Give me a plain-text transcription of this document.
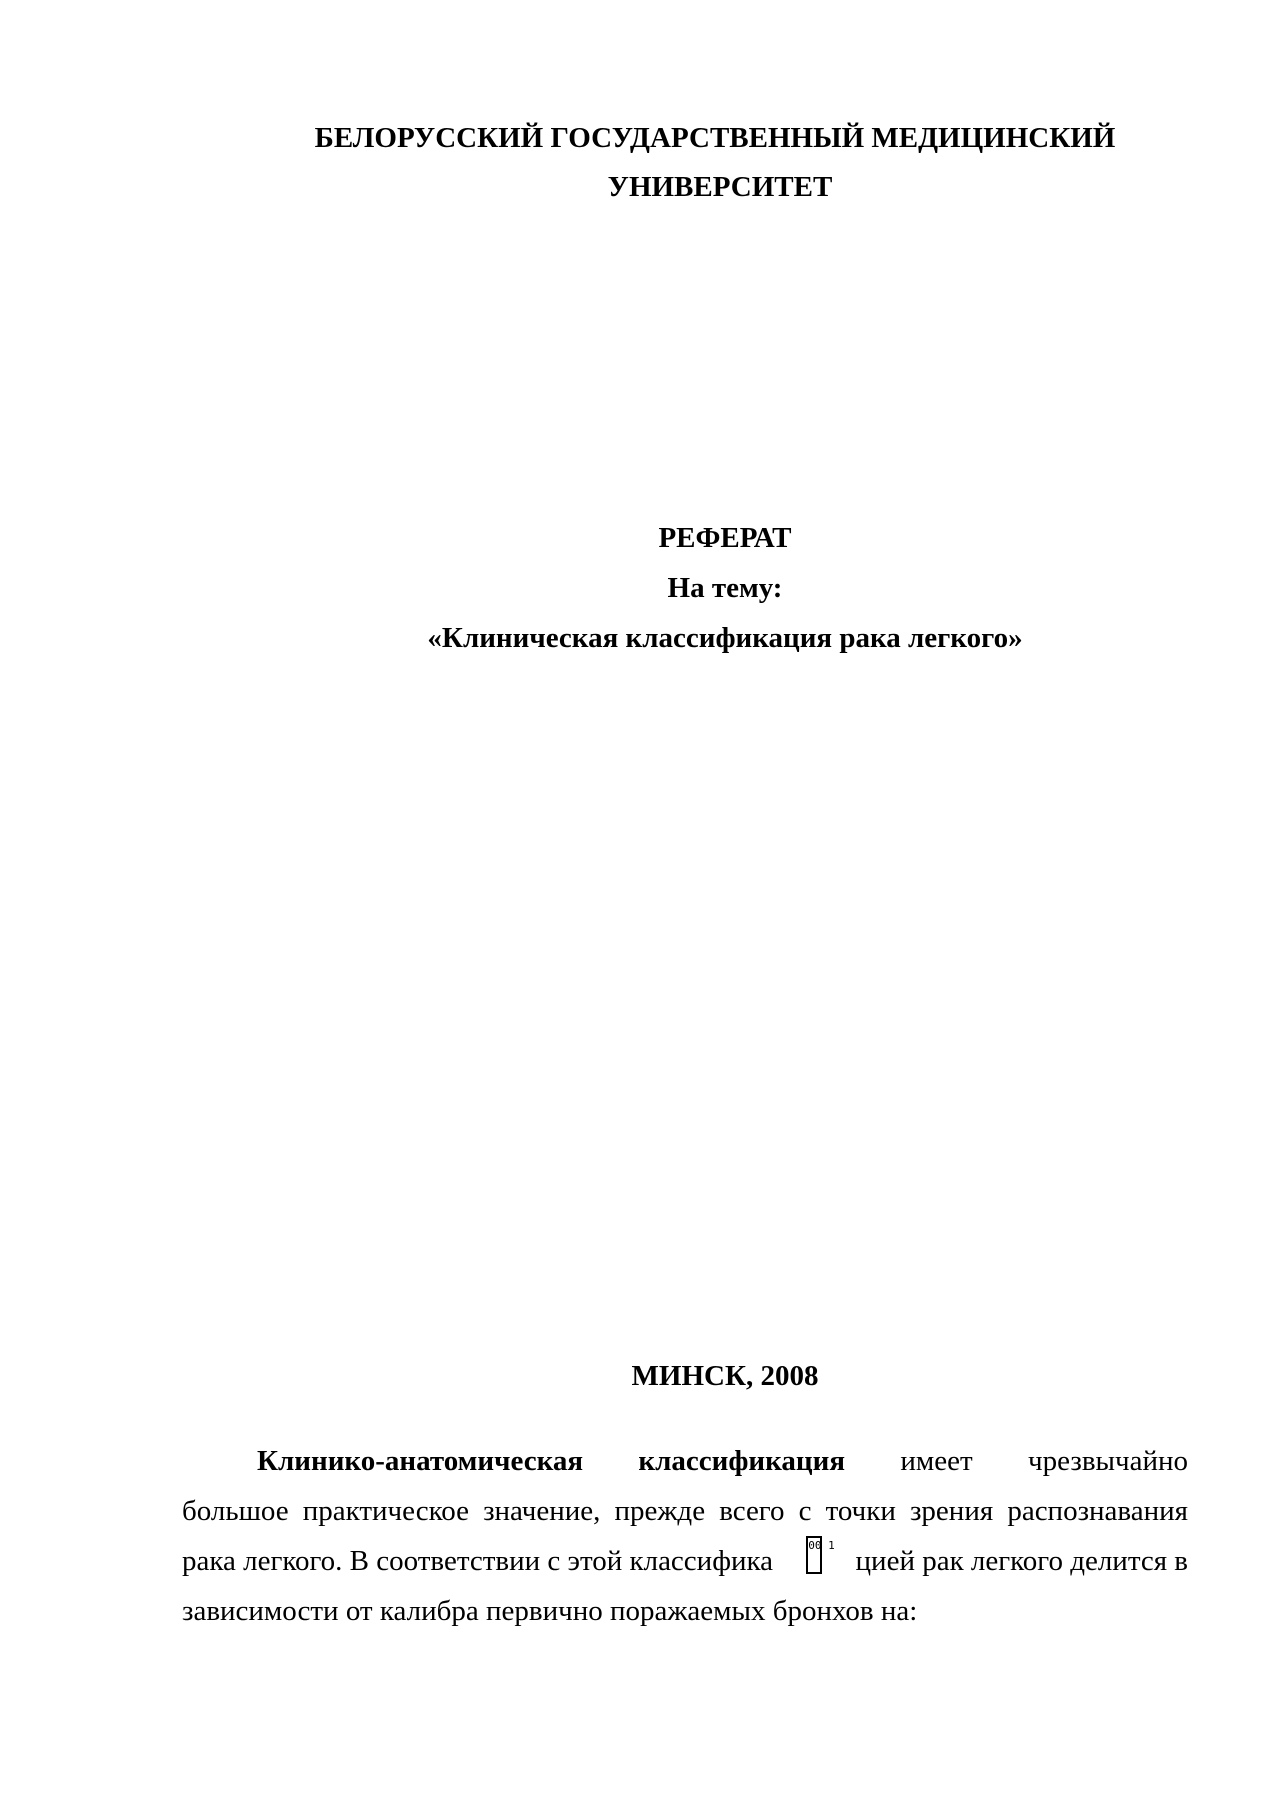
БЕЛОРУССКИЙ ГОСУДАРСТВЕННЫЙ МЕДИЦИНСКИЙ
УНИВЕРСИТЕТ
РЕФЕРАТ
На тему:
«Клиническая классификация рака легкого»
МИНСК, 2008
Клинико-анатомическая классификация имеет чрезвычайно
большое практическое значение, прежде всего с точки зрения распознавания
рака легкого. В соответствии с этой классифика	00 1 цией рак легкого делится в
зависимости от калибра первично поражаемых бронхов на:
